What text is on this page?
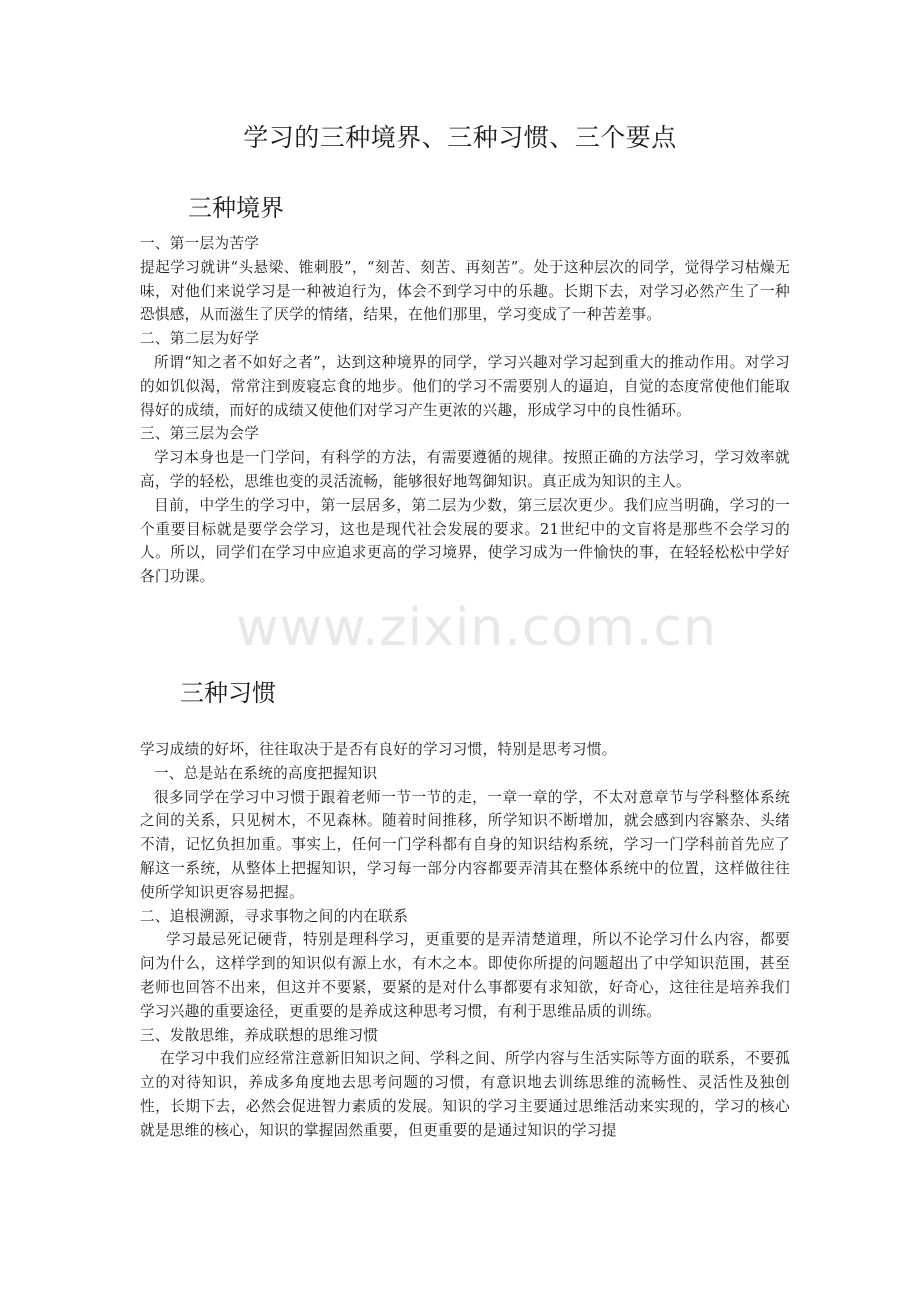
学习的三种境界、三种习惯、三个要点
三种境界

一、第一层为苦学

提起学习就讲“头悬梁、锥刺股”，“刻苦、刻苦、再刻苦”。处于这种层次的同学，觉得学习枯燥无味，对他们来说学习是一种被迫行为，体会不到学习中的乐趣。长期下去，对学习必然产生了一种恐惧感，从而滋生了厌学的情绪，结果，在他们那里，学习变成了一种苦差事。

二、第二层为好学

所谓“知之者不如好之者”，达到这种境界的同学，学习兴趣对学习起到重大的推动作用。对学习的如饥似渴，常常注到废寝忘食的地步。他们的学习不需要别人的逼迫，自觉的态度常使他们能取得好的成绩，而好的成绩又使他们对学习产生更浓的兴趣，形成学习中的良性循环。

三、第三层为会学

学习本身也是一门学问，有科学的方法，有需要遵循的规律。按照正确的方法学习，学习效率就高，学的轻松，思维也变的灵活流畅，能够很好地驾御知识。真正成为知识的主人。

目前，中学生的学习中，第一层居多，第二层为少数，第三层次更少。我们应当明确，学习的一个重要目标就是要学会学习，这也是现代社会发展的要求。21世纪中的文盲将是那些不会学习的人。所以，同学们在学习中应追求更高的学习境界，使学习成为一件愉快的事，在轻轻松松中学好各门功课。

www.zixin.com.cn
三种习惯

学习成绩的好坏，往往取决于是否有良好的学习习惯，特别是思考习惯。

一、总是站在系统的高度把握知识

很多同学在学习中习惯于跟着老师一节一节的走，一章一章的学，不太对意章节与学科整体系统之间的关系，只见树木，不见森林。随着时间推移，所学知识不断增加，就会感到内容繁杂、头绪不清，记忆负担加重。事实上，任何一门学科都有自身的知识结构系统，学习一门学科前首先应了解这一系统，从整体上把握知识，学习每一部分内容都要弄清其在整体系统中的位置，这样做往往使所学知识更容易把握。

二、追根溯源，寻求事物之间的内在联系

学习最忌死记硬背，特别是理科学习，更重要的是弄清楚道理，所以不论学习什么内容，都要问为什么，这样学到的知识似有源上水，有木之本。即使你所提的问题超出了中学知识范围，甚至老师也回答不出来，但这并不要紧，要紧的是对什么事都要有求知欲，好奇心，这往往是培养我们学习兴趣的重要途径，更重要的是养成这种思考习惯，有利于思维品质的训练。

三、发散思维，养成联想的思维习惯

在学习中我们应经常注意新旧知识之间、学科之间、所学内容与生活实际等方面的联系，不要孤立的对待知识，养成多角度地去思考问题的习惯，有意识地去训练思维的流畅性、灵活性及独创性，长期下去，必然会促进智力素质的发展。知识的学习主要通过思维活动来实现的，学习的核心就是思维的核心，知识的掌握固然重要，但更重要的是通过知识的学习提
